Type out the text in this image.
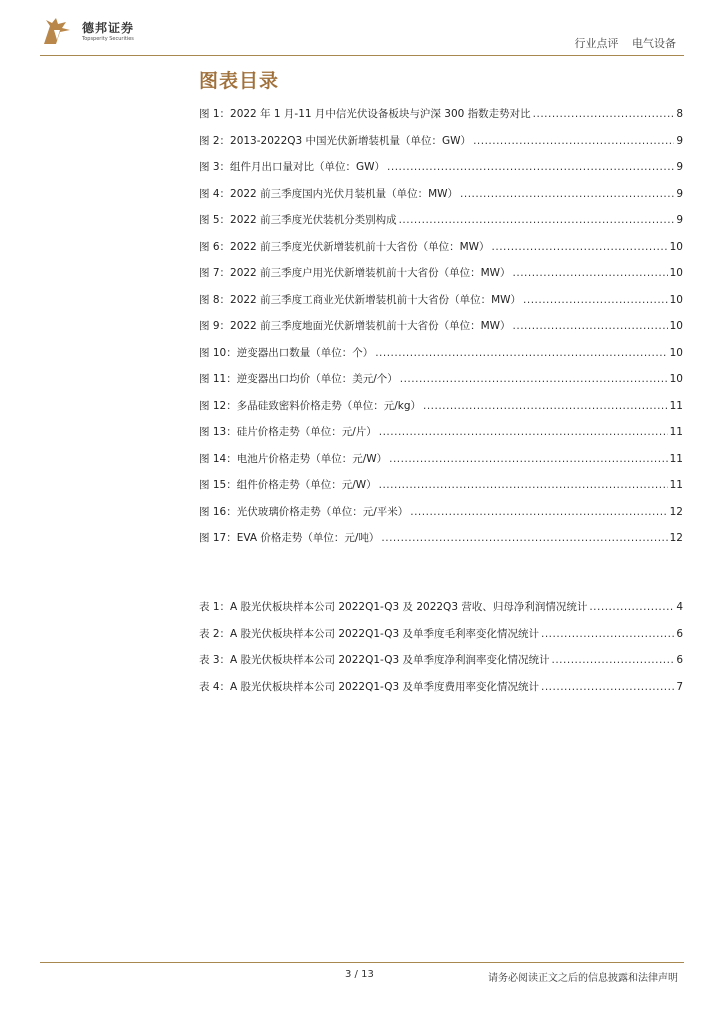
德邦证券
Topsperity Securities	行业点评 电气设备
图表目录
图 1：2022 年 1 月-11 月中信光伏设备板块与沪深 300 指数走势对比 .....	8
图 2：2013-2022Q3 中国光伏新增装机量（单位：GW） .....	9
图 3：组件月出口量对比（单位：GW） .....	9
图 4：2022 前三季度国内光伏月装机量（单位：MW） .....	9
图 5：2022 前三季度光伏装机分类别构成 .....	9
图 6：2022 前三季度光伏新增装机前十大省份（单位：MW） .....	10
图 7：2022 前三季度户用光伏新增装机前十大省份（单位：MW） .....	10
图 8：2022 前三季度工商业光伏新增装机前十大省份（单位：MW） .....	10
图 9：2022 前三季度地面光伏新增装机前十大省份（单位：MW） .....	10
图 10：逆变器出口数量（单位：个） .....	10
图 11：逆变器出口均价（单位：美元/个） .....	10
图 12：多晶硅致密料价格走势（单位：元/kg） .....	11
图 13：硅片价格走势（单位：元/片） .....	11
图 14：电池片价格走势（单位：元/W） .....	11
图 15：组件价格走势（单位：元/W） .....	11
图 16：光伏玻璃价格走势（单位：元/平米） .....	12
图 17：EVA 价格走势（单位：元/吨） .....	12
表 1：A 股光伏板块样本公司 2022Q1-Q3 及 2022Q3 营收、归母净利润情况统计 .....	4
表 2：A 股光伏板块样本公司 2022Q1-Q3 及单季度毛利率变化情况统计 .....	6
表 3：A 股光伏板块样本公司 2022Q1-Q3 及单季度净利润率变化情况统计 .....	6
表 4：A 股光伏板块样本公司 2022Q1-Q3 及单季度费用率变化情况统计 .....	7
3 / 13	请务必阅读正文之后的信息披露和法律声明
